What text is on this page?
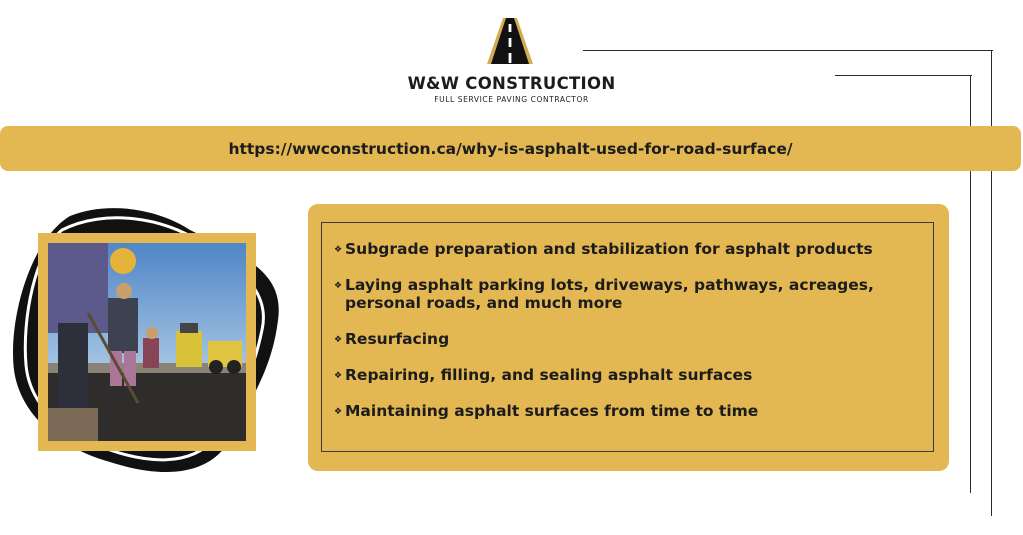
W&W CONSTRUCTION
FULL SERVICE PAVING CONTRACTOR
https://wwconstruction.ca/why-is-asphalt-used-for-road-surface/
❖ Subgrade preparation and stabilization for asphalt products
❖ Laying asphalt parking lots, driveways, pathways, acreages, personal roads, and much more
❖ Resurfacing
❖ Repairing, filling, and sealing asphalt surfaces
❖ Maintaining asphalt surfaces from time to time
